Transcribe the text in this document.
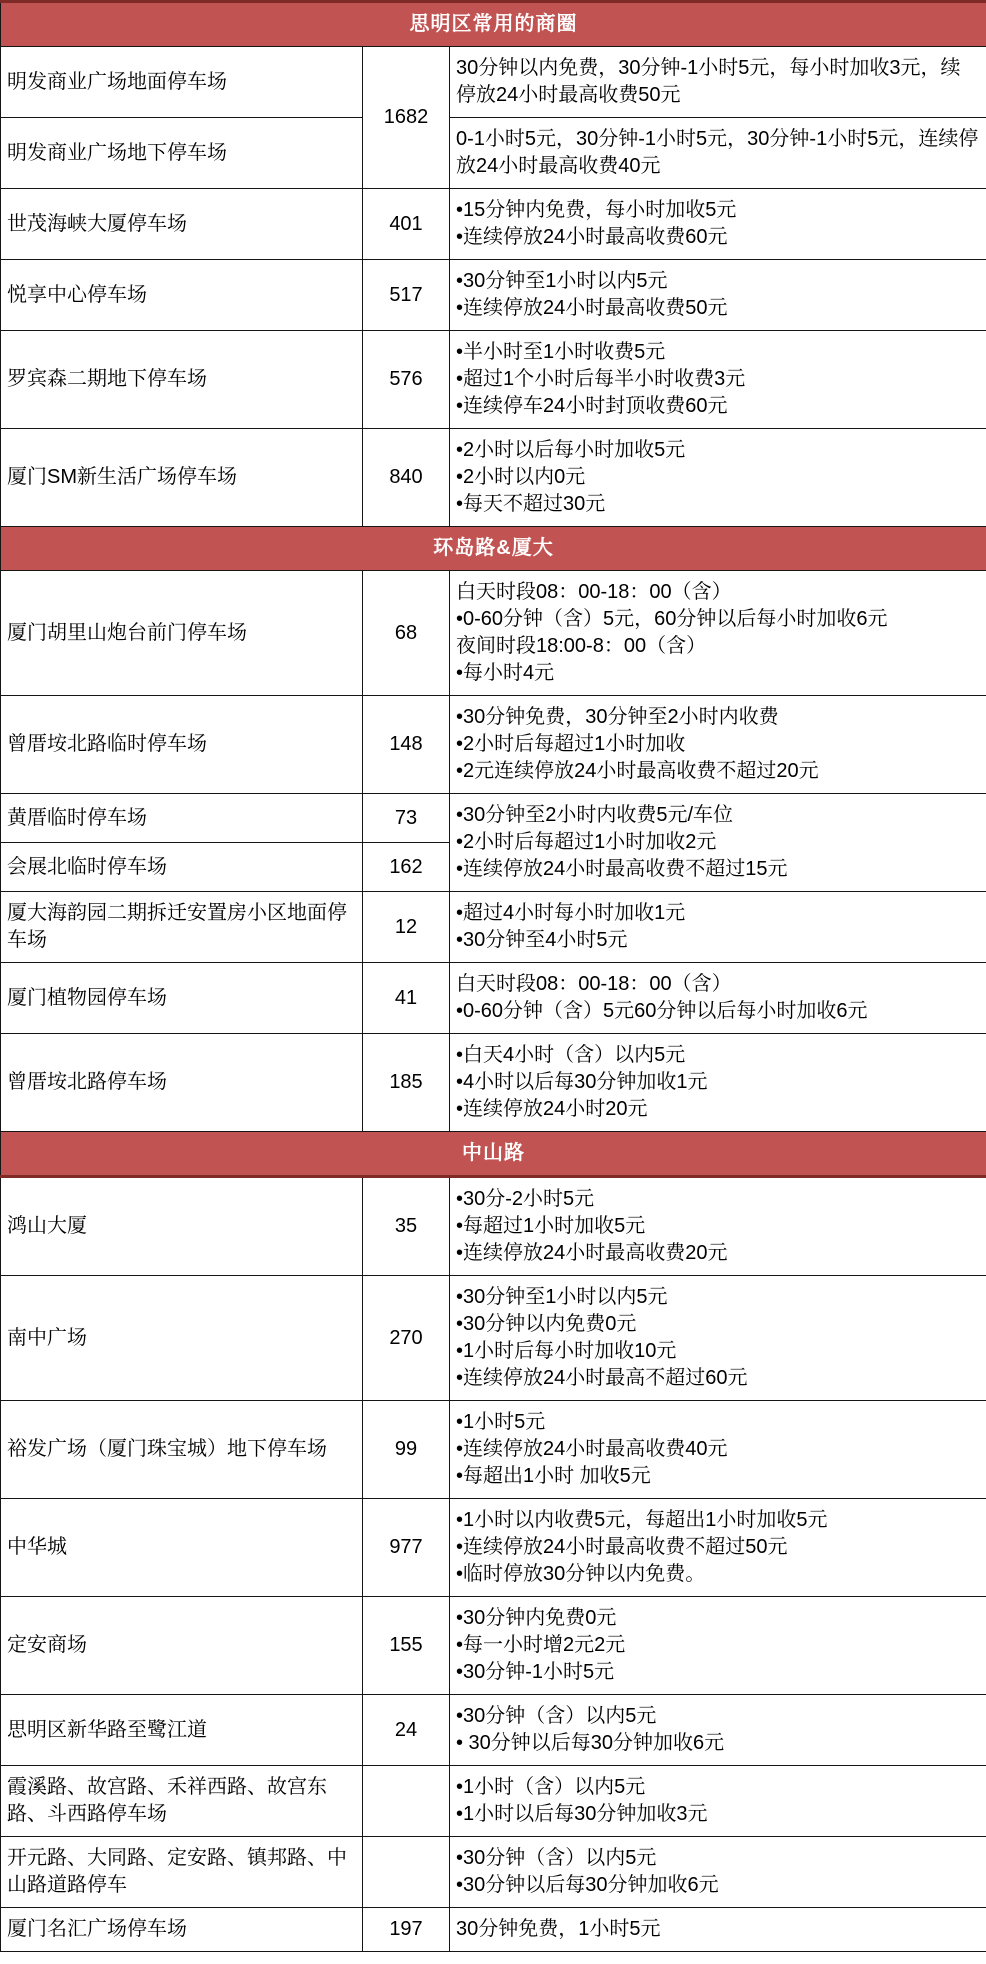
思明区常用的商圈		
明发商业广场地面停车场	1682	30分钟以内免费，30分钟-1小时5元，每小时加收3元，续停放24小时最高收费50元

明发商业广场地下停车场		0-1小时5元，30分钟-1小时5元，30分钟-1小时5元，连续停放24小时最高收费40元

世茂海峡大厦停车场	401	•15分钟内免费，每小时加收5元
•连续停放24小时最高收费60元

悦享中心停车场	517	•30分钟至1小时以内5元
•连续停放24小时最高收费50元

罗宾森二期地下停车场	576	•半小时至1小时收费5元
•超过1个小时后每半小时收费3元
•连续停车24小时封顶收费60元

厦门SM新生活广场停车场	840	•2小时以后每小时加收5元
•2小时以内0元
•每天不超过30元

环岛路&厦大		
厦门胡里山炮台前门停车场	68	白天时段08：00-18：00（含）
•0-60分钟（含）5元，60分钟以后每小时加收6元
夜间时段18:00-8：00（含）
•每小时4元

曾厝垵北路临时停车场	148	•30分钟免费，30分钟至2小时内收费
•2小时后每超过1小时加收
•2元连续停放24小时最高收费不超过20元

黄厝临时停车场	73	•30分钟至2小时内收费5元/车位
•2小时后每超过1小时加收2元
•连续停放24小时最高收费不超过15元

会展北临时停车场	162	
厦大海韵园二期拆迁安置房小区地面停车场	12	•超过4小时每小时加收1元
•30分钟至4小时5元

厦门植物园停车场	41	白天时段08：00-18：00（含）
•0-60分钟（含）5元60分钟以后每小时加收6元

曾厝垵北路停车场	185	•白天4小时（含）以内5元
•4小时以后每30分钟加收1元
•连续停放24小时20元

中山路		
鸿山大厦	35	•30分-2小时5元
•每超过1小时加收5元
•连续停放24小时最高收费20元

南中广场	270	•30分钟至1小时以内5元
•30分钟以内免费0元
•1小时后每小时加收10元
•连续停放24小时最高不超过60元

裕发广场（厦门珠宝城）地下停车场	99	•1小时5元
•连续停放24小时最高收费40元
•每超出1小时 加收5元

中华城	977	•1小时以内收费5元，每超出1小时加收5元
•连续停放24小时最高收费不超过50元
•临时停放30分钟以内免费。

定安商场	155	•30分钟内免费0元
•每一小时增2元2元
•30分钟-1小时5元

思明区新华路至鹭江道	24	•30分钟（含）以内5元
• 30分钟以后每30分钟加收6元

霞溪路、故宫路、禾祥西路、故宫东路、斗西路停车场		•1小时（含）以内5元
•1小时以后每30分钟加收3元

开元路、大同路、定安路、镇邦路、中山路道路停车		•30分钟（含）以内5元
•30分钟以后每30分钟加收6元

厦门名汇广场停车场	197	30分钟免费，1小时5元
